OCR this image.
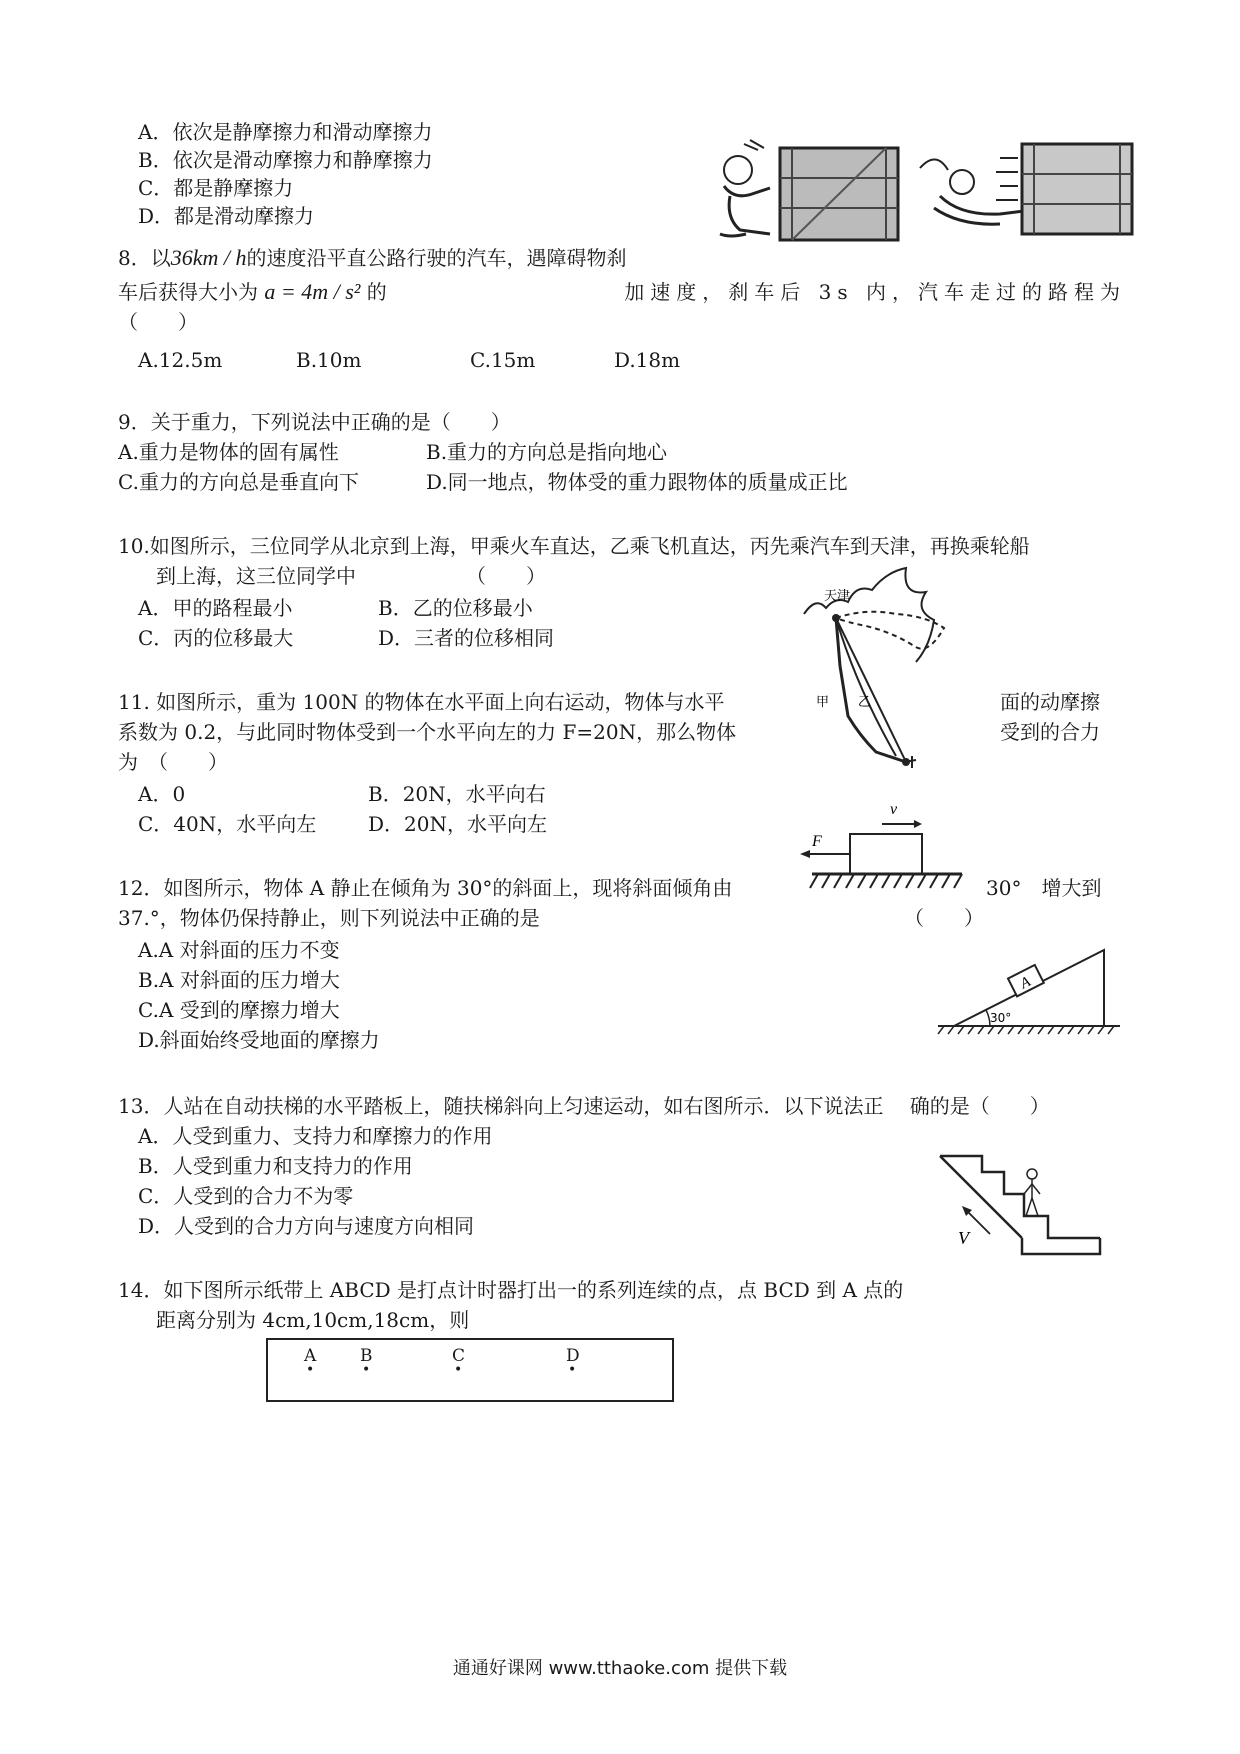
A．依次是静摩擦力和滑动摩擦力
B．依次是滑动摩擦力和静摩擦力
C．都是静摩擦力
D．都是滑动摩擦力
8．以36km / h的速度沿平直公路行驶的汽车，遇障碍物刹
车后获得大小为 a = 4m / s² 的	加速度，刹车后 3s 内，汽车走过的路程为
（　　）
A.12.5m	B.10m	C.15m	D.18m
9．关于重力，下列说法中正确的是（　　）
A.重力是物体的固有属性	B.重力的方向总是指向地心
C.重力的方向总是垂直向下	D.同一地点，物体受的重力跟物体的质量成正比
10.如图所示，三位同学从北京到上海，甲乘火车直达，乙乘飞机直达，丙先乘汽车到天津，再换乘轮船
到上海，这三位同学中　　　　　　（　　）
A．甲的路程最小	B．乙的位移最小
C．丙的位移最大	D．三者的位移相同
天津
甲 乙
11. 如图所示，重为 100N 的物体在水平面上向右运动，物体与水平	面的动摩擦
系数为 0.2，与此同时物体受到一个水平向左的力 F=20N，那么物体	受到的合力
为　（　　）
A．0	B．20N，水平向右
C．40N，水平向左	D．20N，水平向左
v
F
12．如图所示，物体 A 静止在倾角为 30°的斜面上，现将斜面倾角由	30°　增大到
37.°，物体仍保持静止，则下列说法中正确的是	（　　）
A.A 对斜面的压力不变
B.A 对斜面的压力增大
C.A 受到的摩擦力增大
D.斜面始终受地面的摩擦力
A
30°
13．人站在自动扶梯的水平踏板上，随扶梯斜向上匀速运动，如右图所示．以下说法正　 确的是（　　）
A．人受到重力、支持力和摩擦力的作用
B．人受到重力和支持力的作用
C．人受到的合力不为零
D．人受到的合力方向与速度方向相同	V
14．如下图所示纸带上 ABCD 是打点计时器打出一的系列连续的点，点 BCD 到 A 点的
距离分别为 4cm,10cm,18cm，则
A	B	C	D
•	•	•	•
通通好课网 www.tthaoke.com 提供下载
